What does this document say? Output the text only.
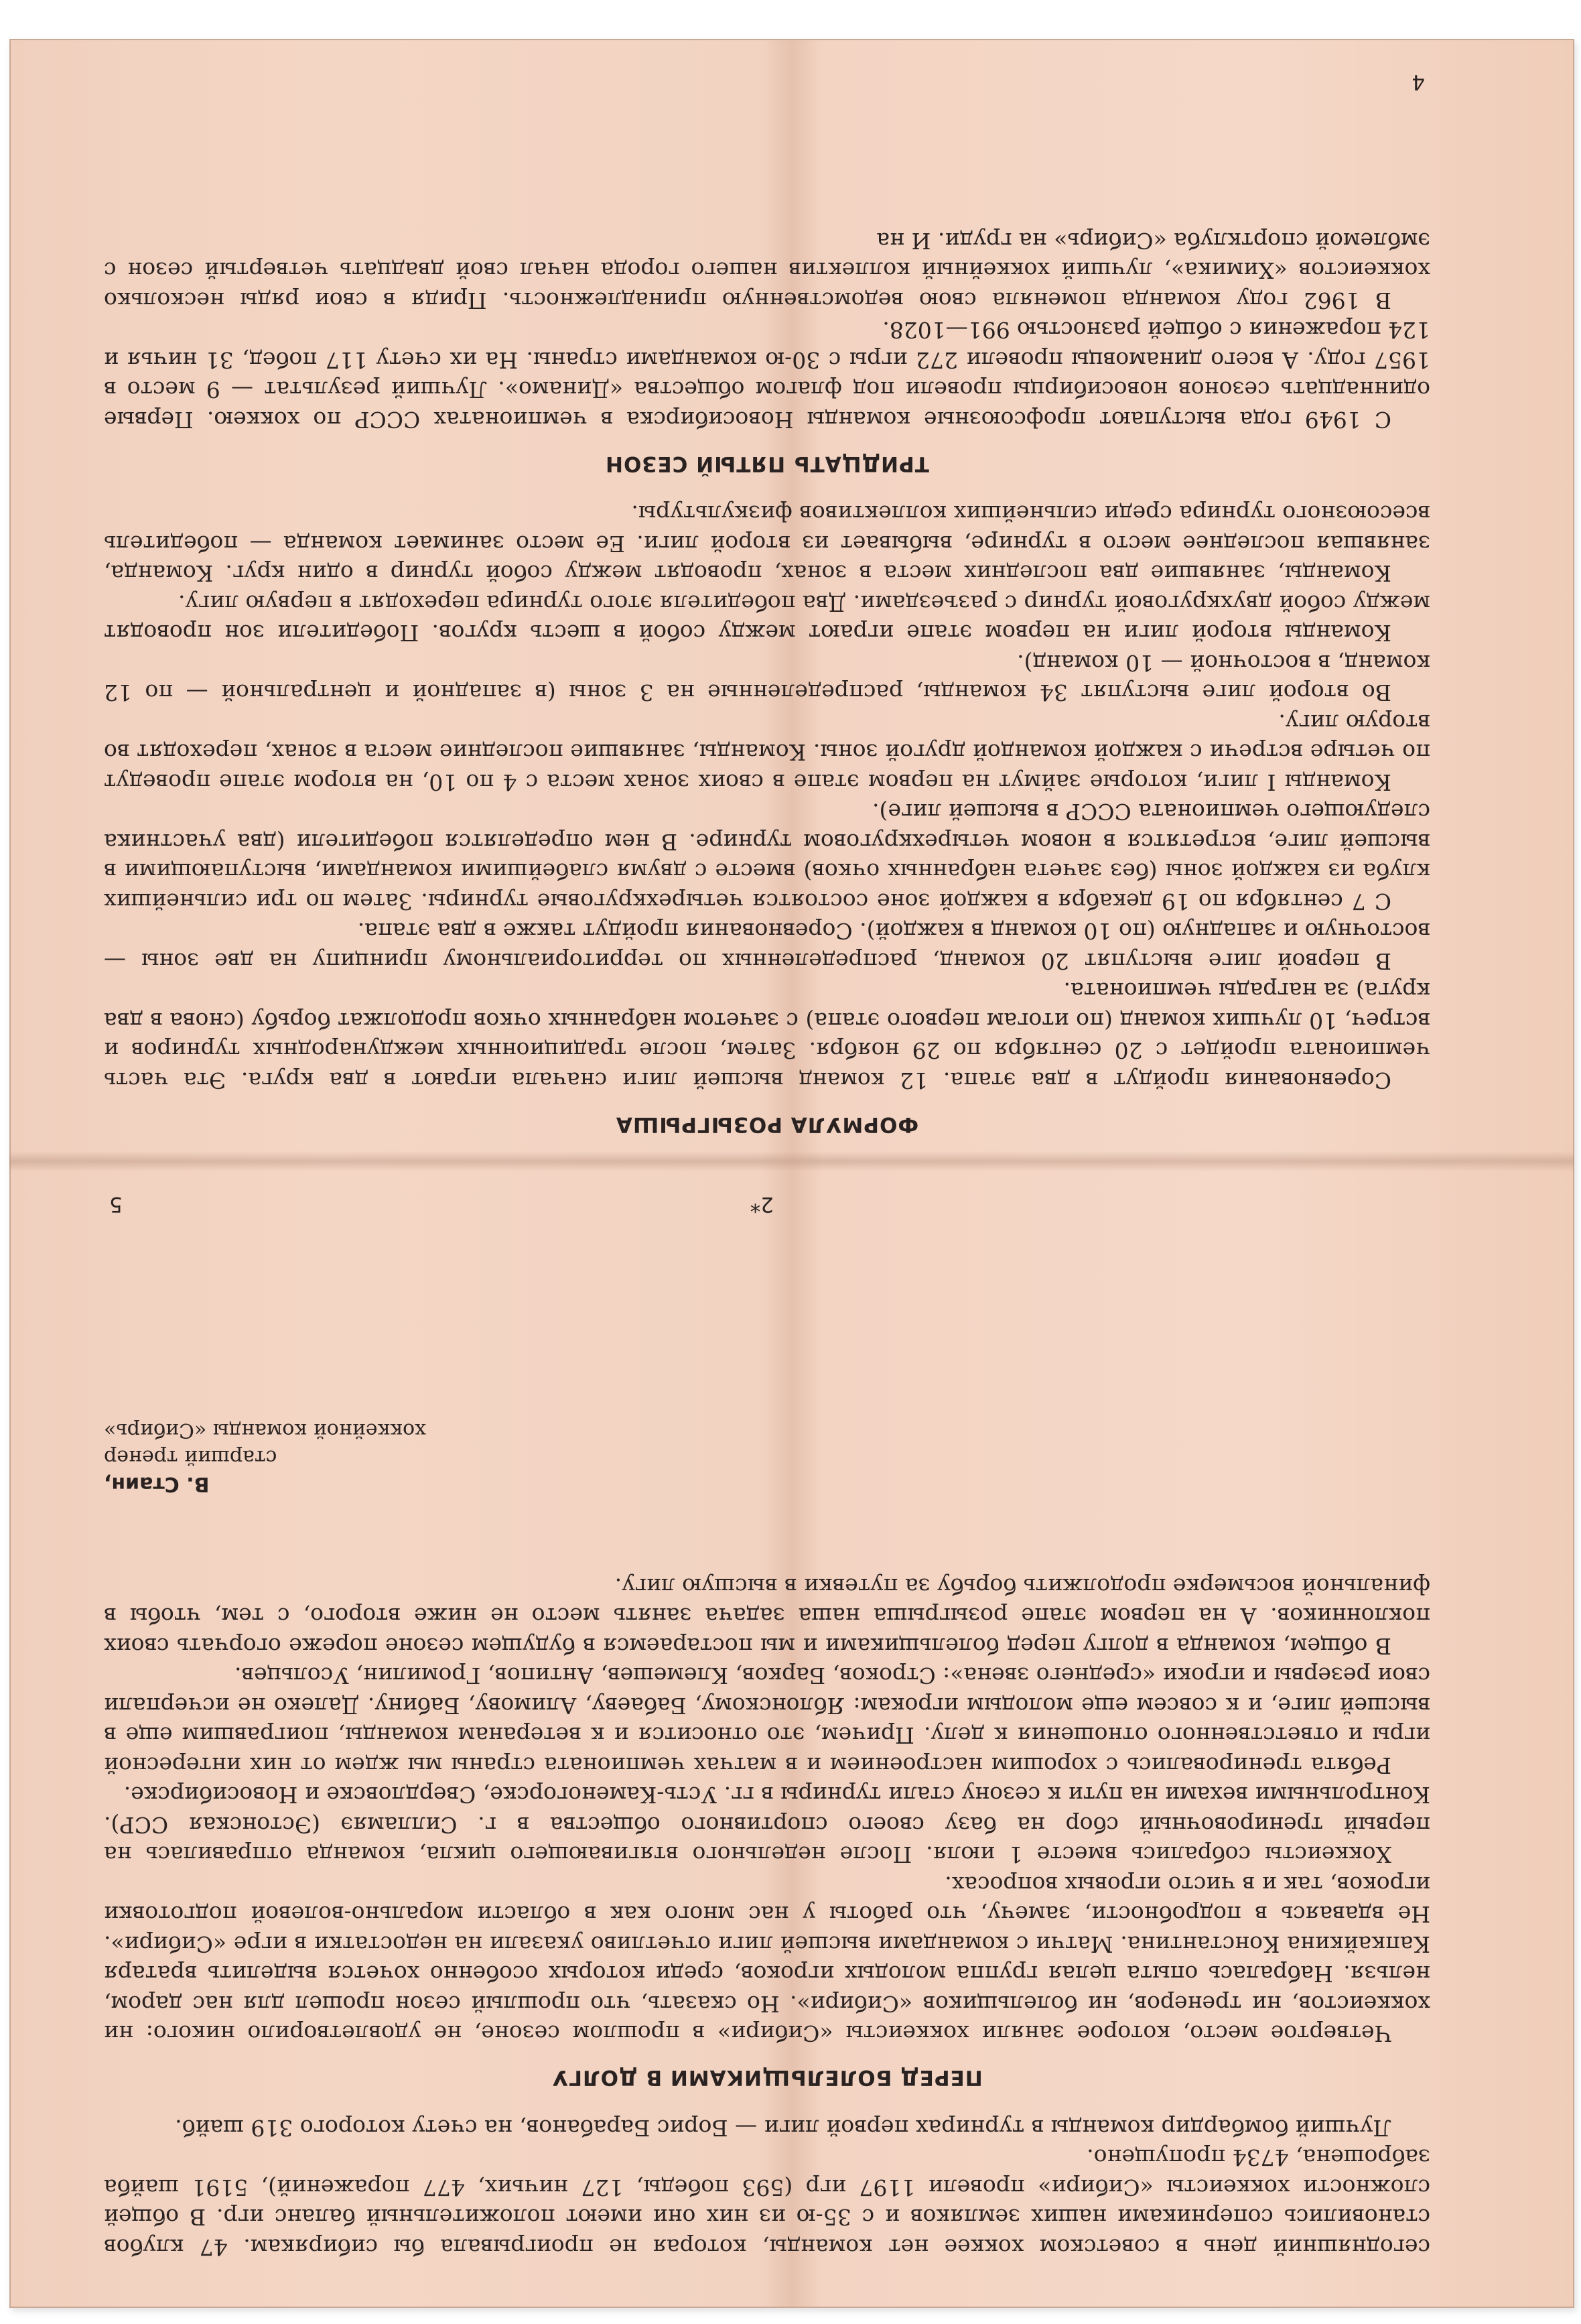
ФОРМУЛА РОЗЫГРЫША

Соревнования пройдут в два этапа. 12 команд высшей лиги сначала играют в два круга. Эта часть чемпионата пройдет с 20 сентября по 29 ноября. Затем, после традиционных международных турниров и встреч, 10 лучших команд (по итогам первого этапа) с зачетом набранных очков продолжат борьбу (снова в два круга) за награды чемпионата.

В первой лиге выступят 20 команд, распределенных по территориальному принципу на две зоны — восточную и западную (по 10 команд в каждой). Соревнования пройдут также в два этапа.

С 7 сентября по 19 декабря в каждой зоне состоятся четырехкруговые турниры. Затем по три сильнейших клуба из каждой зоны (без зачета набранных очков) вместе с двумя слабейшими командами, выступающими в высшей лиге, встретятся в новом четырехкруговом турнире. В нем определятся победители (два участника следующего чемпионата СССР в высшей лиге).

Команды I лиги, которые займут на первом этапе в своих зонах места с 4 по 10, на втором этапе проведут по четыре встречи с каждой командой другой зоны. Команды, занявшие последние места в зонах, переходят во вторую лигу.

Во второй лиге выступят 34 команды, распределенные на 3 зоны (в западной и центральной — по 12 команд, в восточной — 10 команд).

Команды второй лиги на первом этапе играют между собой в шесть кругов. Победители зон проводят между собой двухкруговой турнир с разъездами. Два победителя этого турнира переходят в первую лигу.

Команды, занявшие два последних места в зонах, проводят между собой турнир в один круг. Команда, занявшая последнее место в турнире, выбывает из второй лиги. Ее место занимает команда — победитель всесоюзного турнира среди сильнейших коллективов физкультуры.

ТРИДЦАТЬ ПЯТЫЙ СЕЗОН

С 1949 года выступают профсоюзные команды Новосибирска в чемпионатах СССР по хоккею. Первые одиннадцать сезонов новосибирцы провели под флагом общества «Динамо». Лучший результат — 9 место в 1957 году. А всего динамовцы провели 272 игры с 30-ю командами страны. На их счету 117 побед, 31 ничья и 124 поражения с общей разностью 991—1028.

В 1962 году команда поменяла свою ведомственную принадлежность. Придя в свои ряды несколько хоккеистов «Химика», лучший хоккейный коллектив нашего города начал свой двадцать четвертый сезон с эмблемой спортклуба «Сибирь» на груди. И на

4

сегодняшний день в советском хоккее нет команды, которая не проигрывала бы сибирякам. 47 клубов становились соперниками наших земляков и с 35-ю из них они имеют положительный баланс игр. В общей сложности хоккеисты «Сибири» провели 1197 игр (593 победы, 127 ничьих, 477 поражений), 5191 шайба заброшена, 4734 пропущено.

Лучший бомбардир команды в турнирах первой лиги — Борис Барабанов, на счету которого 319 шайб.

ПЕРЕД БОЛЕЛЬЩИКАМИ В ДОЛГУ

Четвертое место, которое заняли хоккеисты «Сибири» в прошлом сезоне, не удовлетворило никого: ни хоккеистов, ни тренеров, ни болельщиков «Сибири». Но сказать, что прошлый сезон прошел для нас даром, нельзя. Набралась опыта целая группа молодых игроков, среди которых особенно хочется выделить вратаря Капкайкина Константина. Матчи с командами высшей лиги отчетливо указали на недостатки в игре «Сибири». Не вдаваясь в подробности, замечу, что работы у нас много как в области морально-волевой подготовки игроков, так и в чисто игровых вопросах.

Хоккеисты собрались вместе 1 июля. После недельного втягивающего цикла, команда отправилась на первый тренировочный сбор на базу своего спортивного общества в г. Силламяэ (Эстонская ССР). Контрольными вехами на пути к сезону стали турниры в гг. Усть-Каменогорске, Свердловске и Новосибирске.

Ребята тренировались с хорошим настроением и в матчах чемпионата страны мы ждем от них интересной игры и ответственного отношения к делу. Причем, это относится и к ветеранам команды, поигравшим еще в высшей лиге, и к совсем еще молодым игрокам: Яблонскому, Бабаеву, Алимову, Бабину. Далеко не исчерпали свои резервы и игроки «среднего звена»: Строков, Барков, Клемешев, Антипов, Громилин, Усольцев.

В общем, команда в долгу перед болельщиками и мы постараемся в будущем сезоне пореже огорчать своих поклонников. А на первом этапе розыгрыша наша задача занять место не ниже второго, с тем, чтобы в финальной восьмерке продолжить борьбу за путевки в высшую лигу.

В. Стаин,
старший тренер
хоккейной команды «Сибирь»
2*
5
